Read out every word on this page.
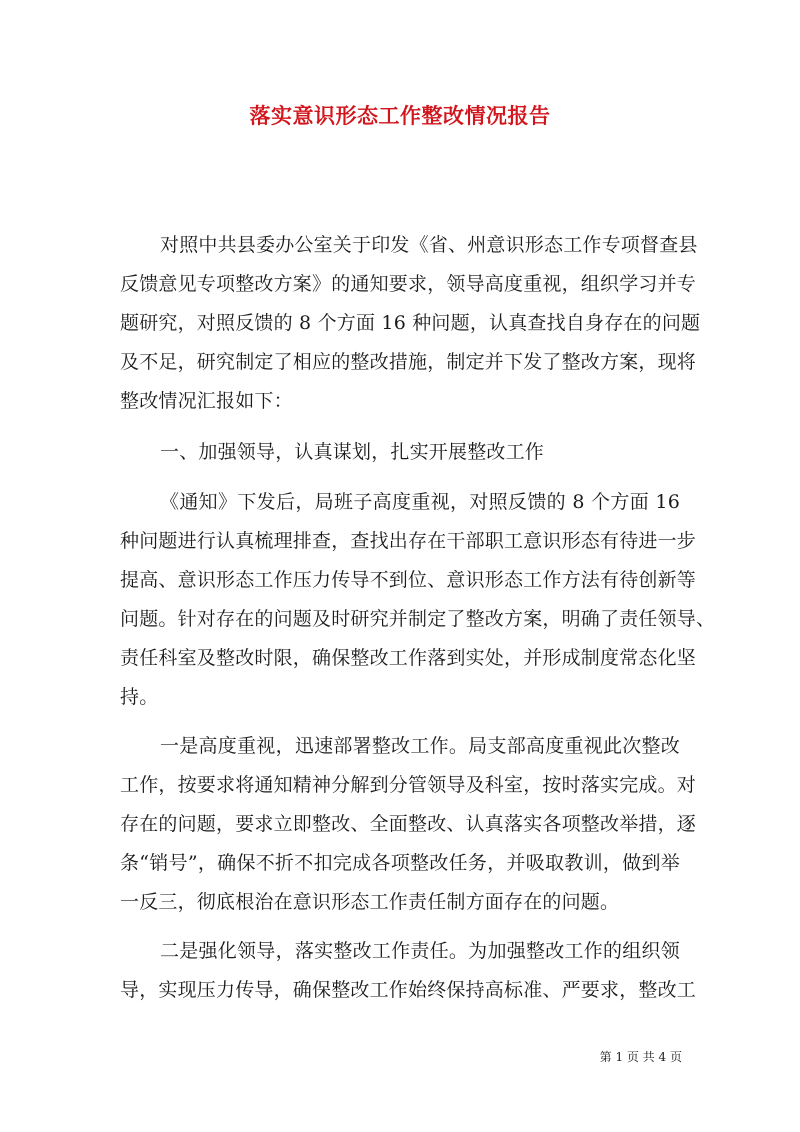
落实意识形态工作整改情况报告
对照中共县委办公室关于印发《省、州意识形态工作专项督查县
反馈意见专项整改方案》的通知要求，领导高度重视，组织学习并专
题研究，对照反馈的 8 个方面 16 种问题，认真查找自身存在的问题
及不足，研究制定了相应的整改措施，制定并下发了整改方案，现将
整改情况汇报如下：
一、加强领导，认真谋划，扎实开展整改工作
《通知》下发后，局班子高度重视，对照反馈的 8 个方面 16
种问题进行认真梳理排查，查找出存在干部职工意识形态有待进一步
提高、意识形态工作压力传导不到位、意识形态工作方法有待创新等
问题。针对存在的问题及时研究并制定了整改方案，明确了责任领导、
责任科室及整改时限，确保整改工作落到实处，并形成制度常态化坚
持。
一是高度重视，迅速部署整改工作。局支部高度重视此次整改
工作，按要求将通知精神分解到分管领导及科室，按时落实完成。对
存在的问题，要求立即整改、全面整改、认真落实各项整改举措，逐
条“销号”，确保不折不扣完成各项整改任务，并吸取教训，做到举
一反三，彻底根治在意识形态工作责任制方面存在的问题。
二是强化领导，落实整改工作责任。为加强整改工作的组织领
导，实现压力传导，确保整改工作始终保持高标准、严要求，整改工
第 1 页 共 4 页
